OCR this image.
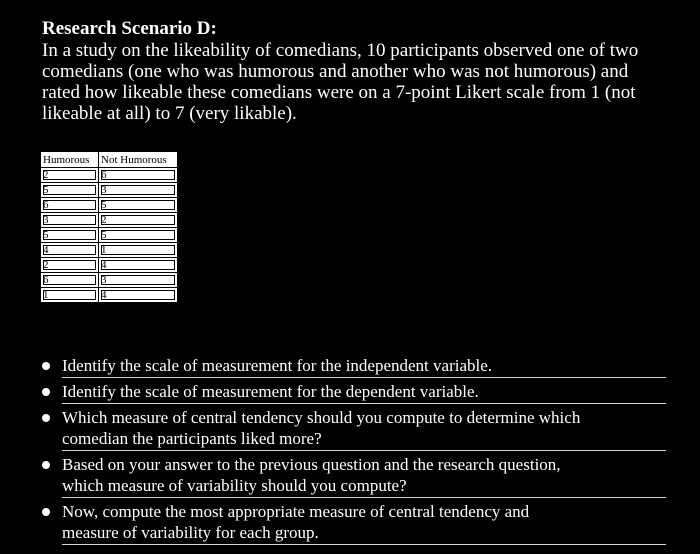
Research Scenario D:
In a study on the likeability of comedians, 10 participants observed one of two
comedians (one who was humorous and another who was not humorous) and
rated how likeable these comedians were on a 7-point Likert scale from 1 (not
likeable at all) to 7 (very likable).
Humorous	Not Humorous
2	6
5	3
6	5
3	2
5	5
4	1
2	4
6	3
1	4
Identify the scale of measurement for the independent variable.
Identify the scale of measurement for the dependent variable.
Which measure of central tendency should you compute to determine which
comedian the participants liked more?
Based on your answer to the previous question and the research question,
which measure of variability should you compute?
Now, compute the most appropriate measure of central tendency and
measure of variability for each group.
